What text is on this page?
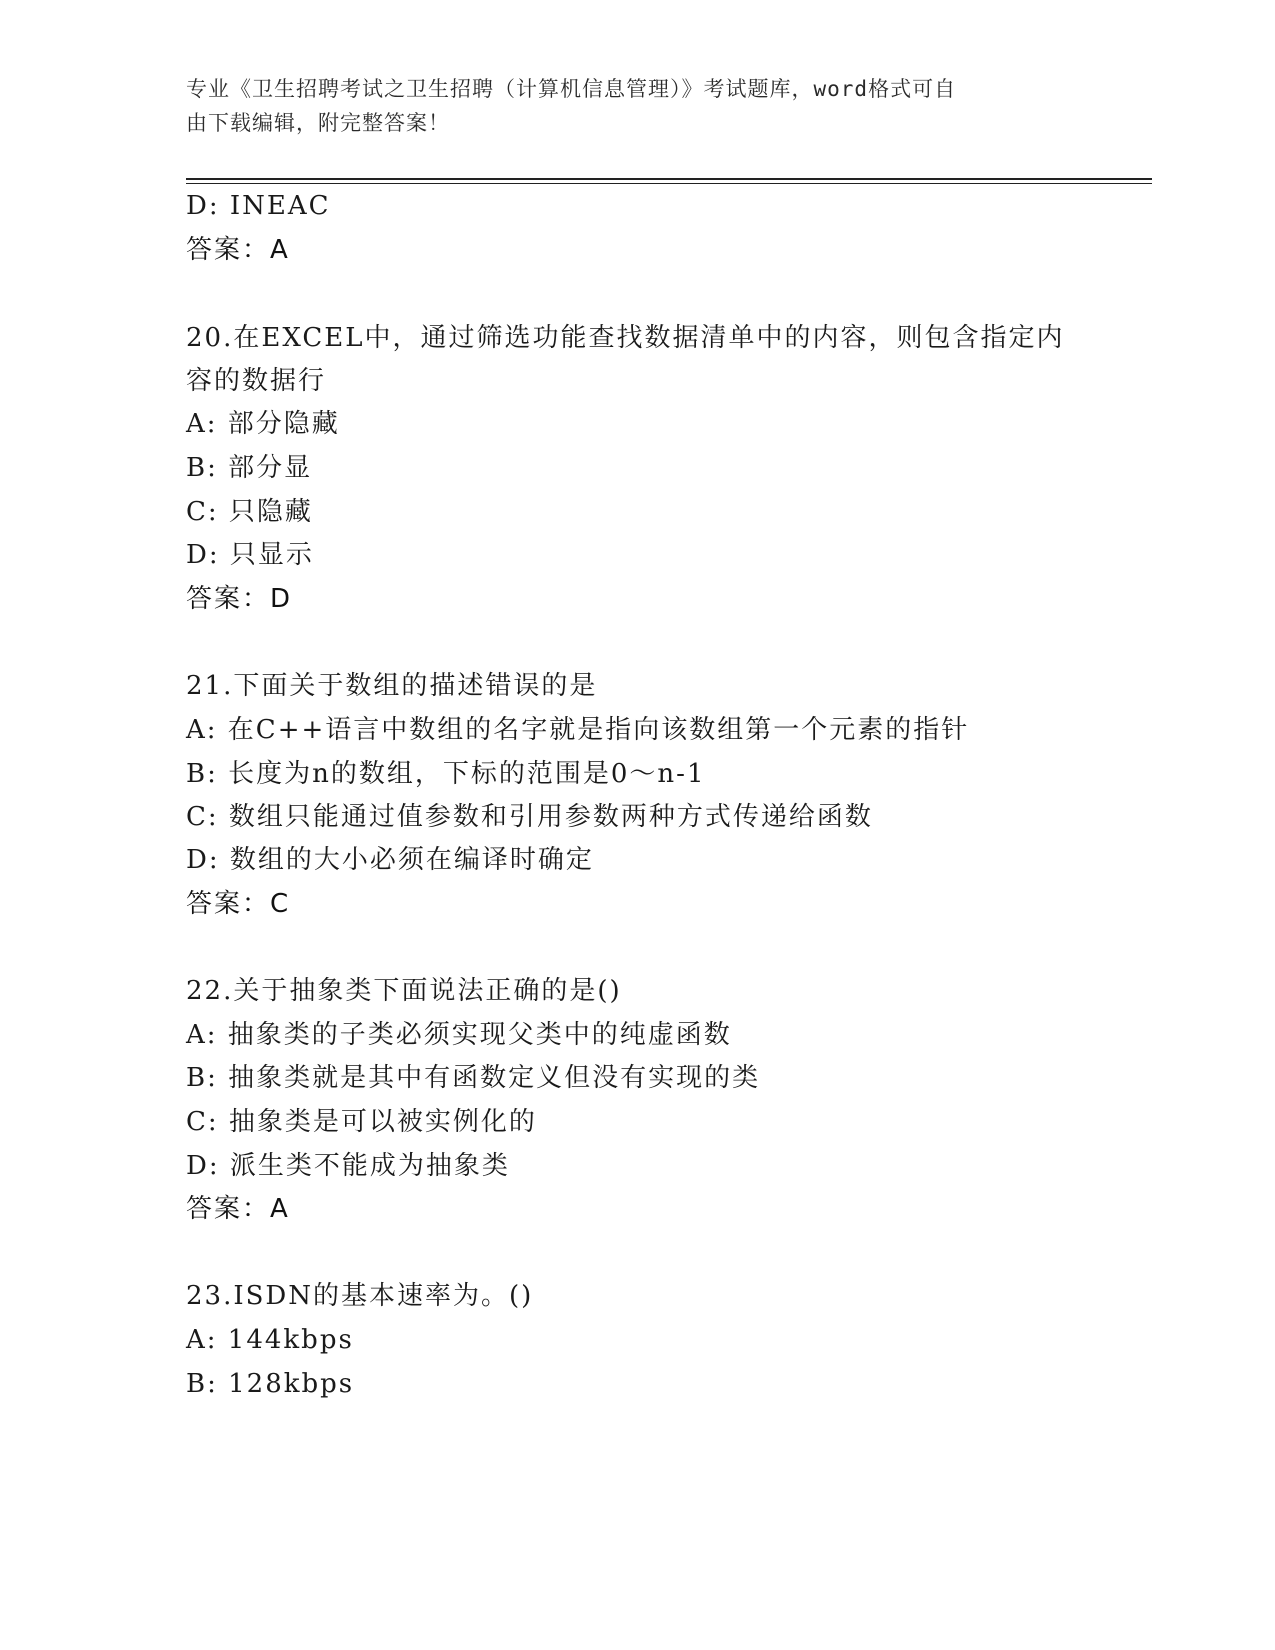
专业《卫生招聘考试之卫生招聘（计算机信息管理）》考试题库，word格式可自
由下载编辑，附完整答案！
D: INEAC
答案：A
20.在EXCEL中，通过筛选功能查找数据清单中的内容，则包含指定内
容的数据行
A: 部分隐藏
B: 部分显
C: 只隐藏
D: 只显示
答案：D
21.下面关于数组的描述错误的是
A: 在C++语言中数组的名字就是指向该数组第一个元素的指针
B: 长度为n的数组，下标的范围是0～n-1
C: 数组只能通过值参数和引用参数两种方式传递给函数
D: 数组的大小必须在编译时确定
答案：C
22.关于抽象类下面说法正确的是()
A: 抽象类的子类必须实现父类中的纯虚函数
B: 抽象类就是其中有函数定义但没有实现的类
C: 抽象类是可以被实例化的
D: 派生类不能成为抽象类
答案：A
23.ISDN的基本速率为。()
A: 144kbps
B: 128kbps
